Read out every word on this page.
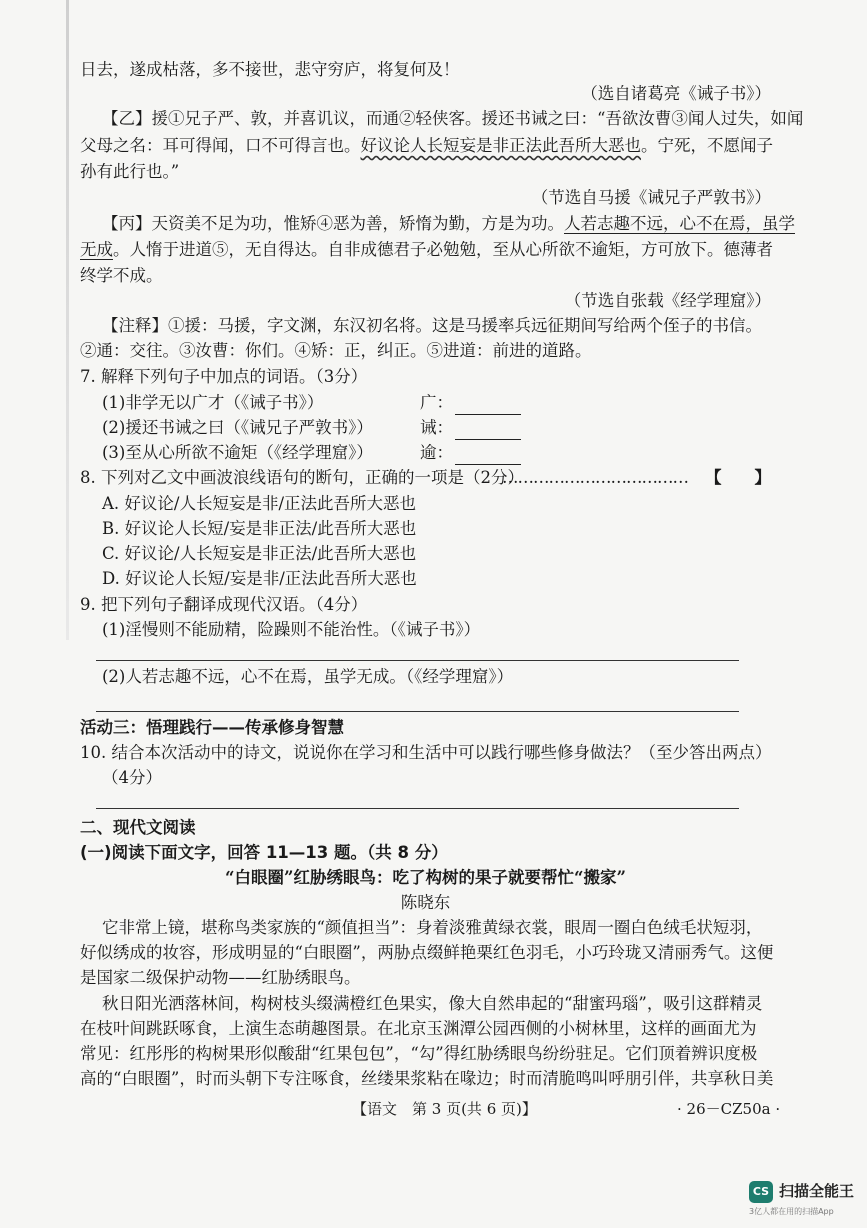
日去，遂成枯落，多不接世，悲守穷庐，将复何及！
（选自诸葛亮《诫子书》）
【乙】援①兄子严、敦，并喜讥议，而通②轻侠客。援还书诫之曰：“吾欲汝曹③闻人过失，如闻
父母之名：耳可得闻，口不可得言也。好议论人长短妄是非正法此吾所大恶也。宁死，不愿闻子
孙有此行也。”
（节选自马援《诫兄子严敦书》）
【丙】天资美不足为功，惟矫④恶为善，矫惰为勤，方是为功。人若志趣不远，心不在焉，虽学
无成。人惰于进道⑤，无自得达。自非成德君子必勉勉，至从心所欲不逾矩，方可放下。德薄者
终学不成。
（节选自张载《经学理窟》）
【注释】①援：马援，字文渊，东汉初名将。这是马援率兵远征期间写给两个侄子的书信。
②通：交往。③汝曹：你们。④矫：正，纠正。⑤进道：前进的道路。
7. 解释下列句子中加点的词语。（3分）
(1)非学无以广才（《诫子书》）	广：
(2)援还书诫之曰（《诫兄子严敦书》）	诫：
(3)至从心所欲不逾矩（《经学理窟》）	逾：
8. 下列对乙文中画波浪线语句的断句，正确的一项是（2分）
……………………………… 【　　】
A. 好议论/人长短妄是非/正法此吾所大恶也
B. 好议论人长短/妄是非正法/此吾所大恶也
C. 好议论/人长短妄是非正法/此吾所大恶也
D. 好议论人长短/妄是非/正法此吾所大恶也
9. 把下列句子翻译成现代汉语。（4分）
(1)淫慢则不能励精，险躁则不能治性。（《诫子书》）
(2)人若志趣不远，心不在焉，虽学无成。（《经学理窟》）
活动三：悟理践行——传承修身智慧
10. 结合本次活动中的诗文，说说你在学习和生活中可以践行哪些修身做法？（至少答出两点）
（4分）
二、现代文阅读
(一)阅读下面文字，回答 11—13 题。（共 8 分）
“白眼圈”红胁绣眼鸟：吃了构树的果子就要帮忙“搬家”
陈晓东
它非常上镜，堪称鸟类家族的“颜值担当”：身着淡雅黄绿衣裳，眼周一圈白色绒毛状短羽，
好似绣成的妆容，形成明显的“白眼圈”，两胁点缀鲜艳栗红色羽毛，小巧玲珑又清丽秀气。这便
是国家二级保护动物——红胁绣眼鸟。
秋日阳光洒落林间，构树枝头缀满橙红色果实，像大自然串起的“甜蜜玛瑙”，吸引这群精灵
在枝叶间跳跃啄食，上演生态萌趣图景。在北京玉渊潭公园西侧的小树林里，这样的画面尤为
常见：红彤彤的构树果形似酸甜“红果包包”，“勾”得红胁绣眼鸟纷纷驻足。它们顶着辨识度极
高的“白眼圈”，时而头朝下专注啄食，丝缕果浆粘在喙边；时而清脆鸣叫呼朋引伴，共享秋日美
【语文　第 3 页(共 6 页)】	· 26－CZ50a ·
CS 扫描全能王
3亿人都在用的扫描App
